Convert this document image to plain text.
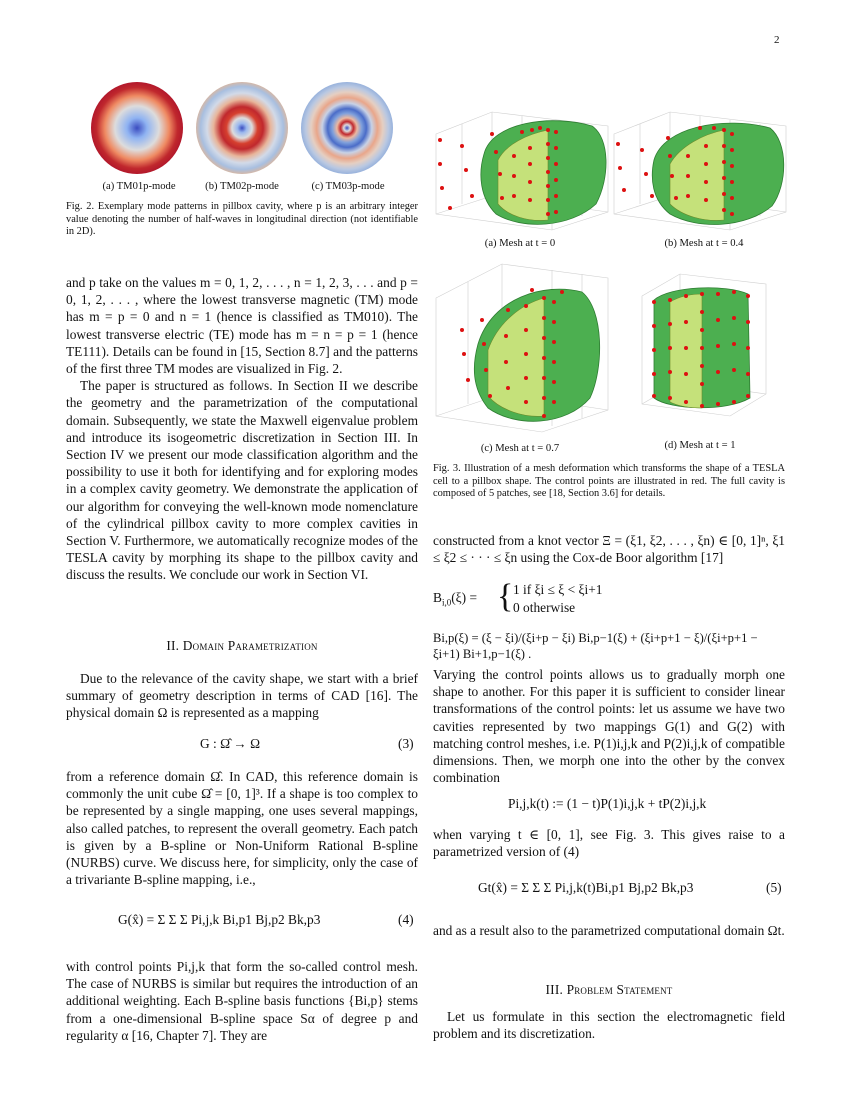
2
(a) TM01p-mode	(b) TM02p-mode	(c) TM03p-mode
Fig. 2. Exemplary mode patterns in pillbox cavity, where p is an arbitrary integer value denoting the number of half-waves in longitudinal direction (not identifiable in 2D).
(a) Mesh at t = 0	(b) Mesh at t = 0.4
(c) Mesh at t = 0.7	(d) Mesh at t = 1
Fig. 3. Illustration of a mesh deformation which transforms the shape of a TESLA cell to a pillbox shape. The control points are illustrated in red. The full cavity is composed of 5 patches, see [18, Section 3.6] for details.

and p take on the values m = 0, 1, 2, . . . , n = 1, 2, 3, . . . and p = 0, 1, 2, . . . , where the lowest transverse magnetic (TM) mode has m = p = 0 and n = 1 (hence is classified as TM010). The lowest transverse electric (TE) mode has m = n = p = 1 (hence TE111). Details can be found in [15, Section 8.7] and the patterns of the first three TM modes are visualized in Fig. 2.

The paper is structured as follows. In Section II we describe the geometry and the parametrization of the computational domain. Subsequently, we state the Maxwell eigenvalue problem and introduce its isogeometric discretization in Section III. In Section IV we present our mode classification algorithm and the possibility to use it both for identifying and for exploring modes in a complex cavity geometry. We demonstrate the application of our algorithm for conveying the well-known mode nomenclature of the cylindrical pillbox cavity to more complex cavities in Section V. Furthermore, we automatically recognize modes of the TESLA cavity by morphing its shape to the pillbox cavity and discuss the results. We conclude our work in Section VI.

II. Domain Parametrization

Due to the relevance of the cavity shape, we start with a brief summary of geometry description in terms of CAD [16]. The physical domain Ω is represented as a mapping

G : Ω̂ → Ω	(3)

from a reference domain Ω̂. In CAD, this reference domain is commonly the unit cube Ω̂ = [0, 1]³. If a shape is too complex to be represented by a single mapping, one uses several mappings, also called patches, to represent the overall geometry. Each patch is given by a B-spline or Non-Uniform Rational B-spline (NURBS) curve. We discuss here, for simplicity, only the case of a trivariante B-spline mapping, i.e.,

G(x̂) = Σ Σ Σ Pi,j,k Bi,p1 Bj,p2 Bk,p3	(4)

with control points Pi,j,k that form the so-called control mesh. The case of NURBS is similar but requires the introduction of an additional weighting. Each B-spline basis functions {Bi,p} stems from a one-dimensional B-spline space Sα of degree p and regularity α [16, Chapter 7]. They are

constructed from a knot vector Ξ = (ξ1, ξ2, . . . , ξn) ∈ [0, 1]ⁿ, ξ1 ≤ ξ2 ≤ · · · ≤ ξn using the Cox-de Boor algorithm [17]

$B_{i,0}(\xi)$ = { 1 if ξi ≤ ξ < ξi+1
0 otherwise
Bi,p(ξ) = (ξ − ξi)/(ξi+p − ξi) Bi,p−1(ξ) + (ξi+p+1 − ξ)/(ξi+p+1 − ξi+1) Bi+1,p−1(ξ) .

Varying the control points allows us to gradually morph one shape to another. For this paper it is sufficient to consider linear transformations of the control points: let us assume we have two cavities represented by two mappings G(1) and G(2) with matching control meshes, i.e. P(1)i,j,k and P(2)i,j,k of compatible dimensions. Then, we morph one into the other by the convex combination

Pi,j,k(t) := (1 − t)P(1)i,j,k + tP(2)i,j,k

when varying t ∈ [0, 1], see Fig. 3. This gives raise to a parametrized version of (4)

Gt(x̂) = Σ Σ Σ Pi,j,k(t)Bi,p1 Bj,p2 Bk,p3	(5)

and as a result also to the parametrized computational domain Ωt.

III. Problem Statement

Let us formulate in this section the electromagnetic field problem and its discretization.
